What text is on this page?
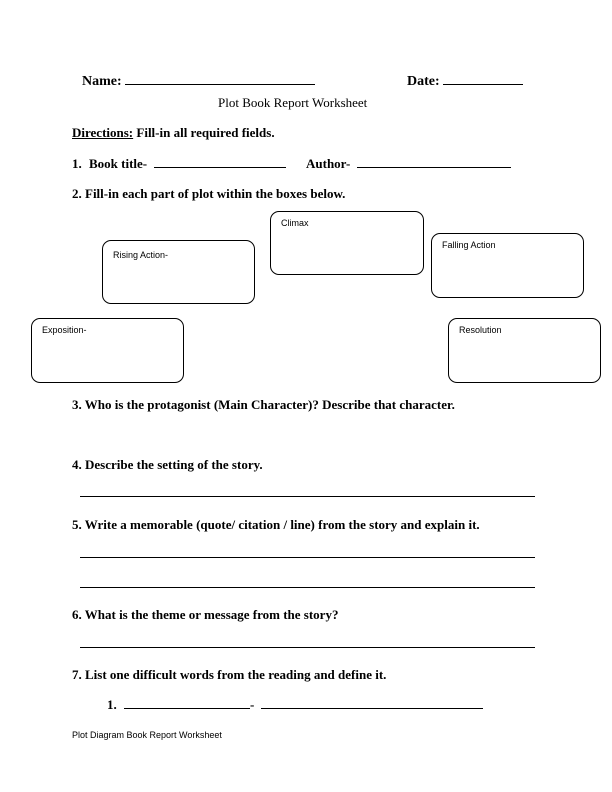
Name:	Date:
Plot Book Report Worksheet
Directions: Fill-in all required fields.
1. Book title-	Author-
2. Fill-in each part of plot within the boxes below.
Climax
Rising Action-
Falling Action
Exposition-	Resolution
3. Who is the protagonist (Main Character)? Describe that character.
4. Describe the setting of the story.
5. Write a memorable (quote/ citation / line) from the story and explain it.
6. What is the theme or message from the story?
7. List one difficult words from the reading and define it.
1.	-
Plot Diagram Book Report Worksheet
